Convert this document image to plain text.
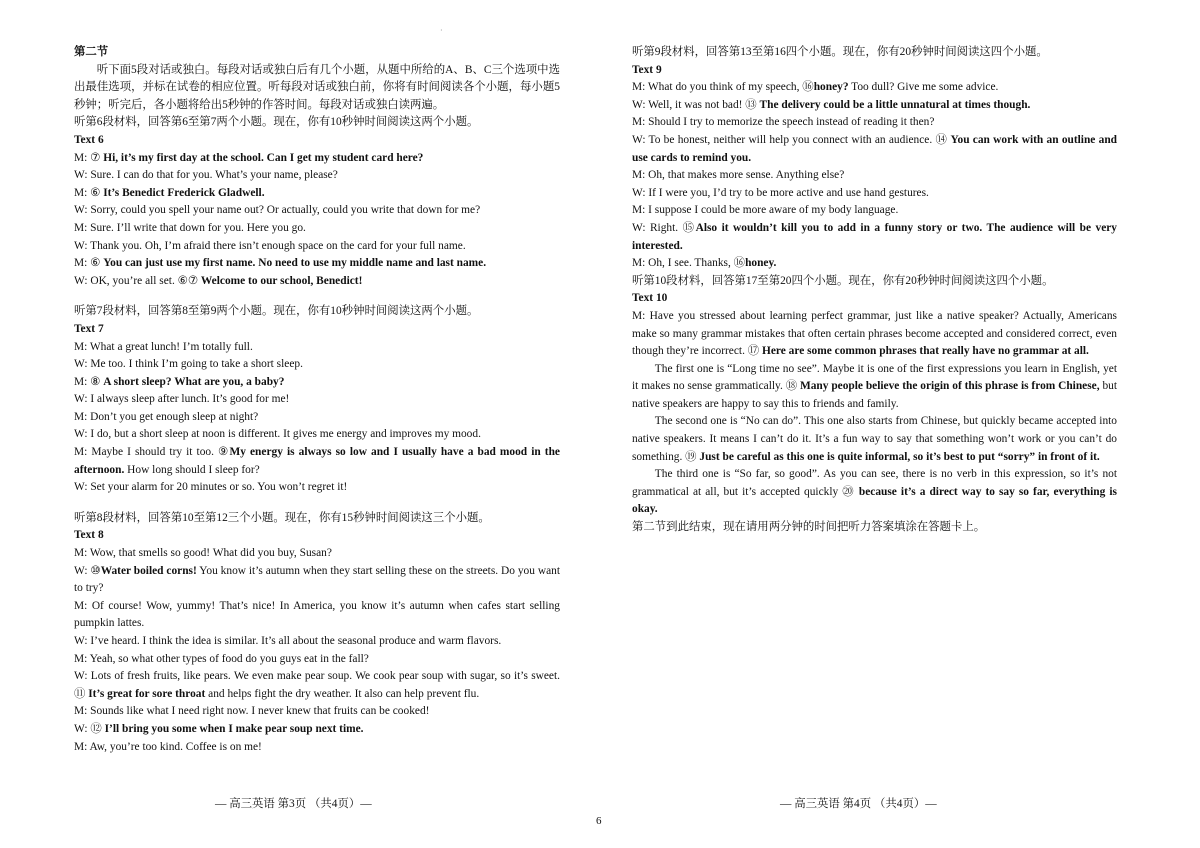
·

第二节

听下面5段对话或独白。每段对话或独白后有几个小题，从题中所给的A、B、C三个选项中选出最佳选项，并标在试卷的相应位置。听每段对话或独白前，你将有时间阅读各个小题，每小题5秒钟；听完后，各小题将给出5秒钟的作答时间。每段对话或独白读两遍。

听第6段材料，回答第6至第7两个小题。现在，你有10秒钟时间阅读这两个小题。

Text 6

M: ⑦ Hi, it’s my first day at the school. Can I get my student card here?

W: Sure. I can do that for you. What’s your name, please?

M: ⑥ It’s Benedict Frederick Gladwell.

W: Sorry, could you spell your name out? Or actually, could you write that down for me?

M: Sure. I’ll write that down for you. Here you go.

W: Thank you. Oh, I’m afraid there isn’t enough space on the card for your full name.

M: ⑥ You can just use my first name. No need to use my middle name and last name.

W: OK, you’re all set. ⑥⑦ Welcome to our school, Benedict!

听第7段材料，回答第8至第9两个小题。现在，你有10秒钟时间阅读这两个小题。

Text 7

M: What a great lunch! I’m totally full.

W: Me too. I think I’m going to take a short sleep.

M: ⑧ A short sleep? What are you, a baby?

W: I always sleep after lunch. It’s good for me!

M: Don’t you get enough sleep at night?

W: I do, but a short sleep at noon is different. It gives me energy and improves my mood.

M: Maybe I should try it too. ⑨My energy is always so low and I usually have a bad mood in the afternoon. How long should I sleep for?

W: Set your alarm for 20 minutes or so. You won’t regret it!

听第8段材料，回答第10至第12三个小题。现在，你有15秒钟时间阅读这三个小题。

Text 8

M: Wow, that smells so good! What did you buy, Susan?

W: ⑩Water boiled corns! You know it’s autumn when they start selling these on the streets. Do you want to try?

M: Of course! Wow, yummy! That’s nice! In America, you know it’s autumn when cafes start selling pumpkin lattes.

W: I’ve heard. I think the idea is similar. It’s all about the seasonal produce and warm flavors.

M: Yeah, so what other types of food do you guys eat in the fall?

W: Lots of fresh fruits, like pears. We even make pear soup. We cook pear soup with sugar, so it’s sweet. ⑪ It’s great for sore throat and helps fight the dry weather. It also can help prevent flu.

M: Sounds like what I need right now. I never knew that fruits can be cooked!

W: ⑫ I’ll bring you some when I make pear soup next time.

M: Aw, you’re too kind. Coffee is on me!

听第9段材料，回答第13至第16四个小题。现在，你有20秒钟时间阅读这四个小题。

Text 9

M: What do you think of my speech, ⑯honey? Too dull? Give me some advice.

W: Well, it was not bad! ⑬ The delivery could be a little unnatural at times though.

M: Should I try to memorize the speech instead of reading it then?

W: To be honest, neither will help you connect with an audience. ⑭ You can work with an outline and use cards to remind you.

M: Oh, that makes more sense. Anything else?

W: If I were you, I’d try to be more active and use hand gestures.

M: I suppose I could be more aware of my body language.

W: Right. ⑮Also it wouldn’t kill you to add in a funny story or two. The audience will be very interested.

M: Oh, I see. Thanks, ⑯honey.

听第10段材料，回答第17至第20四个小题。现在，你有20秒钟时间阅读这四个小题。

Text 10

M: Have you stressed about learning perfect grammar, just like a native speaker? Actually, Americans make so many grammar mistakes that often certain phrases become accepted and considered correct, even though they’re incorrect. ⑰ Here are some common phrases that really have no grammar at all.

The first one is “Long time no see”. Maybe it is one of the first expressions you learn in English, yet it makes no sense grammatically. ⑱ Many people believe the origin of this phrase is from Chinese, but native speakers are happy to say this to friends and family.

The second one is “No can do”. This one also starts from Chinese, but quickly became accepted into native speakers. It means I can’t do it. It’s a fun way to say that something won’t work or you can’t do something. ⑲ Just be careful as this one is quite informal, so it’s best to put “sorry” in front of it.

The third one is “So far, so good”. As you can see, there is no verb in this expression, so it’s not grammatical at all, but it’s accepted quickly ⑳ because it’s a direct way to say so far, everything is okay.

第二节到此结束，现在请用两分钟的时间把听力答案填涂在答题卡上。

— 高三英语 第3页 （共4页）—	— 高三英语 第4页 （共4页）—
6
